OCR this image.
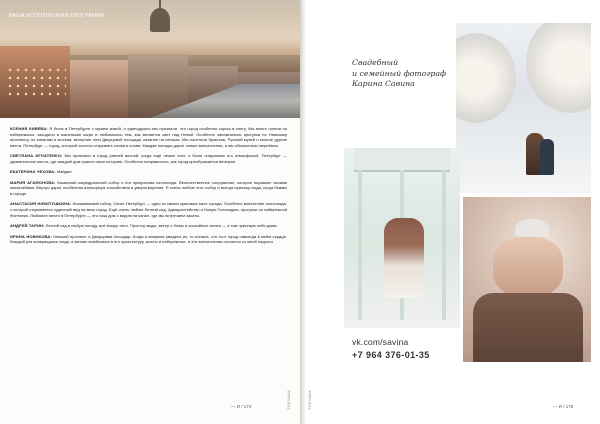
ВАША ИСПОЛНЕННАЯ ПРОГРАММА

КСЕНИЯ КИВЕВА: Я была в Петербурге с мужем зимой, и единодушно мы признали, что город особенно хорош в снегу. Мы много гуляли по набережным, заходили в маленькие кафе и любовались тем, как меняется свет над Невой. Особенно запомнились прогулки по Невскому проспекту, по каналам и мостам, вечерние огни Дворцовой площади, катание на коньках. Мы посетили Эрмитаж, Русский музей и многие другие места. Петербург — город, который хочется открывать снова и снова. Каждая поездка дарит новые впечатления, и мы обязательно вернёмся.

СВЕТЛАНА ИГНАТЕНКО: Мы приехали в город ранней весной, когда ещё лежал снег, и были очарованы его атмосферой. Петербург — удивительное место, где каждый дом хранит свою историю. Особенно понравилось, как город преображается вечером.

ЕКАТЕРИНА ЧЕХОВА: Майдан.

МАРИЯ АГАФОНОВА: Казанский кафедральный собор и его прекрасная колоннада. Величественное сооружение, которое поражает своими масштабами. Внутри царит особенная атмосфера спокойствия и умиротворения. Я очень люблю этот собор и всегда прихожу сюда, когда бываю в городе.

АНАСТАСИЯ НИКИТУШКИНА: Исаакиевский собор, Санкт-Петербург — одно из самых красивых мест города. Особенно впечатляет колоннада, с которой открывается чудесный вид на весь город. Ещё очень люблю Летний сад, Адмиралтейство и Новую Голландию, прогулки по набережной Фонтанки. Любимое место в Петербурге — это наш дом с видом на канал, где мы встречаем закаты.

АНДРЕЙ ТАРИН: Летний сад в любую погоду, всё вокруг него. Простор воды, ветер с Невы и спокойные аллеи — я там чувствую себя дома.

ИРИНА НОВИКОВА: Невский проспект и Дворцовая площадь. Когда я впервые увидела их, то поняла, что этот город навсегда в моём сердце. Каждый раз возвращаясь сюда, я заново влюбляюсь в его архитектуру, мосты и набережные, и эти впечатления остаются со мной надолго.

— И / 174	РЕКЛАМА	РЕКЛАМА
Свадебный
и семейный фотограф
Карина Савина
vk.com/savina
+7 964 376-01-35
— И / 175
